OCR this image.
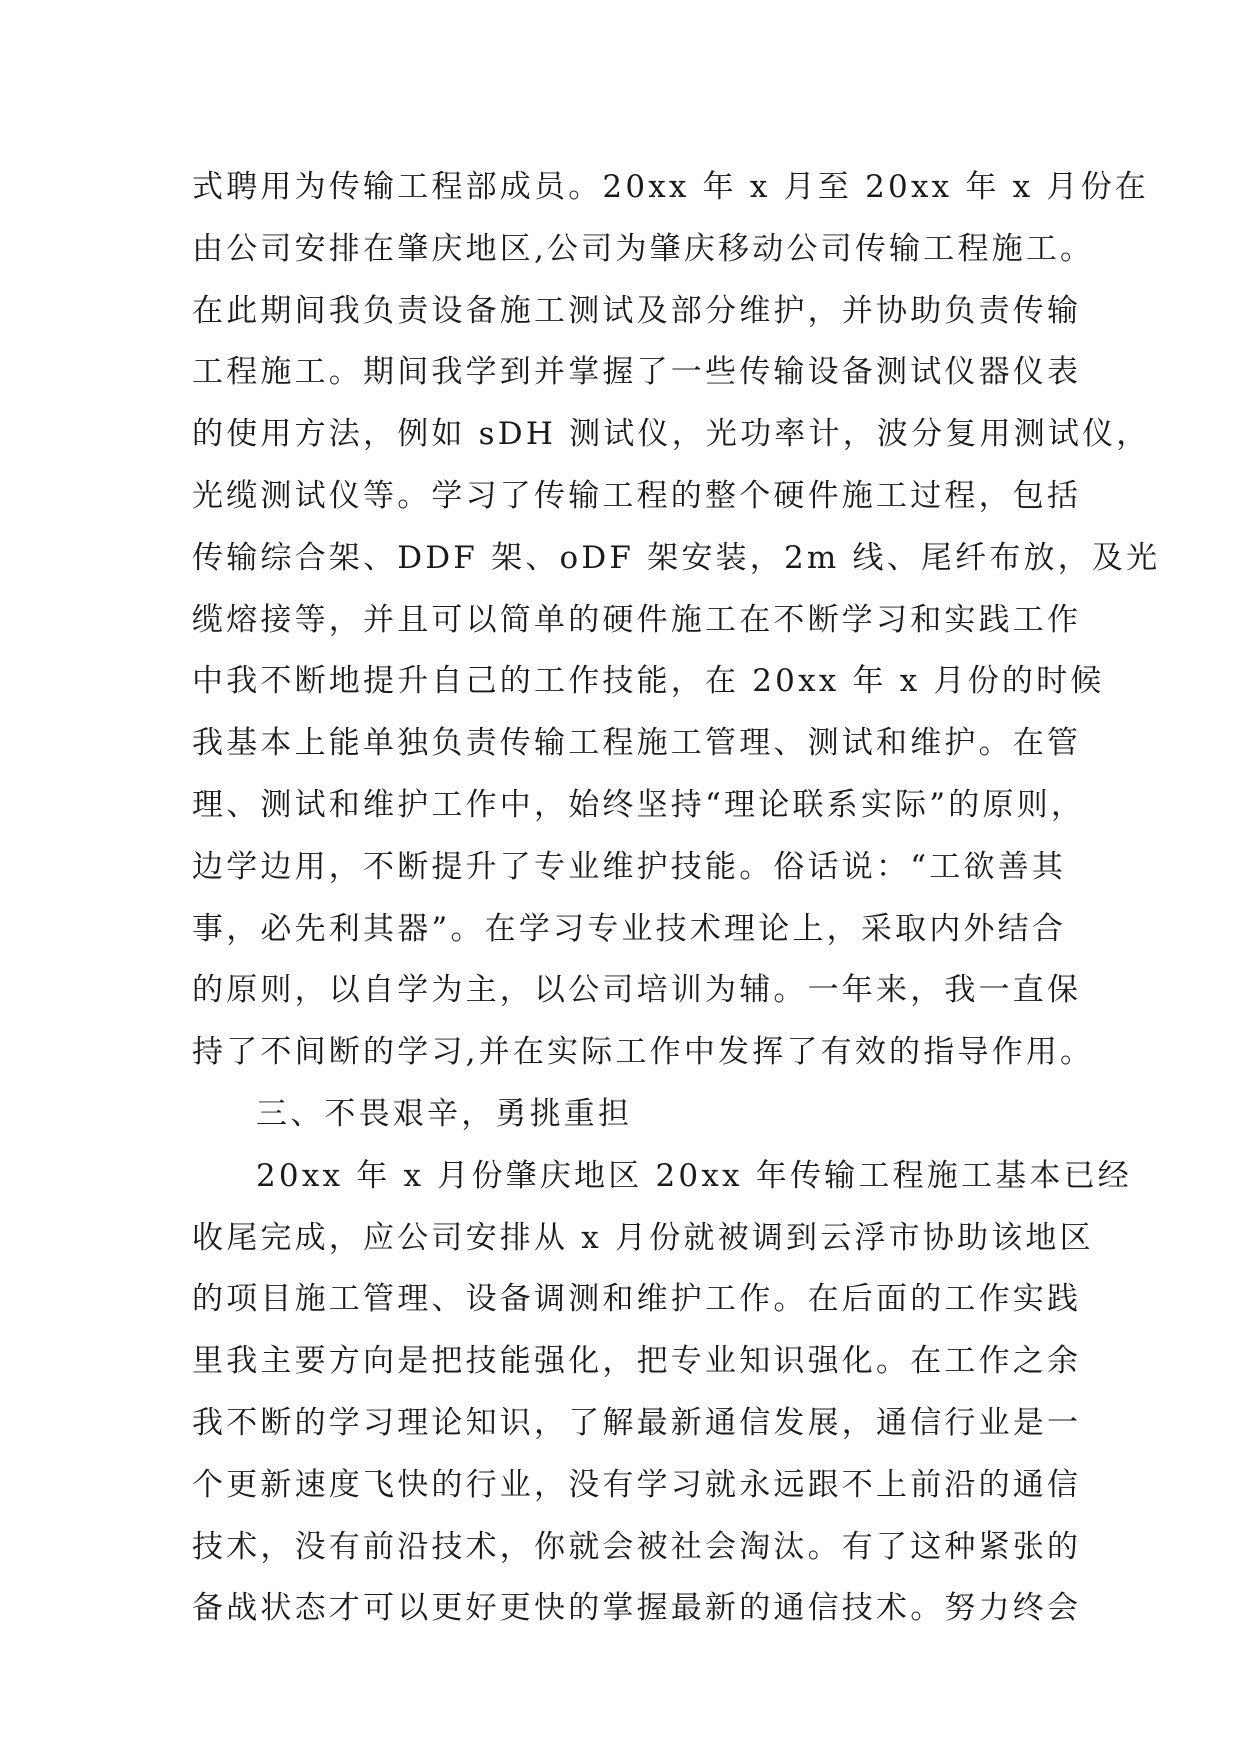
式聘用为传输工程部成员。20xx 年 x 月至 20xx 年 x 月份在
由公司安排在肇庆地区,公司为肇庆移动公司传输工程施工。
在此期间我负责设备施工测试及部分维护，并协助负责传输
工程施工。期间我学到并掌握了一些传输设备测试仪器仪表
的使用方法，例如 sDH 测试仪，光功率计，波分复用测试仪，
光缆测试仪等。学习了传输工程的整个硬件施工过程，包括
传输综合架、DDF 架、oDF 架安装，2m 线、尾纤布放，及光
缆熔接等，并且可以简单的硬件施工在不断学习和实践工作
中我不断地提升自己的工作技能，在 20xx 年 x 月份的时候
我基本上能单独负责传输工程施工管理、测试和维护。在管
理、测试和维护工作中，始终坚持“理论联系实际”的原则，
边学边用，不断提升了专业维护技能。俗话说：“工欲善其
事，必先利其器”。在学习专业技术理论上，采取内外结合
的原则，以自学为主，以公司培训为辅。一年来，我一直保
持了不间断的学习,并在实际工作中发挥了有效的指导作用。
三、不畏艰辛，勇挑重担
20xx 年 x 月份肇庆地区 20xx 年传输工程施工基本已经
收尾完成，应公司安排从 x 月份就被调到云浮市协助该地区
的项目施工管理、设备调测和维护工作。在后面的工作实践
里我主要方向是把技能强化，把专业知识强化。在工作之余
我不断的学习理论知识，了解最新通信发展，通信行业是一
个更新速度飞快的行业，没有学习就永远跟不上前沿的通信
技术，没有前沿技术，你就会被社会淘汰。有了这种紧张的
备战状态才可以更好更快的掌握最新的通信技术。努力终会
